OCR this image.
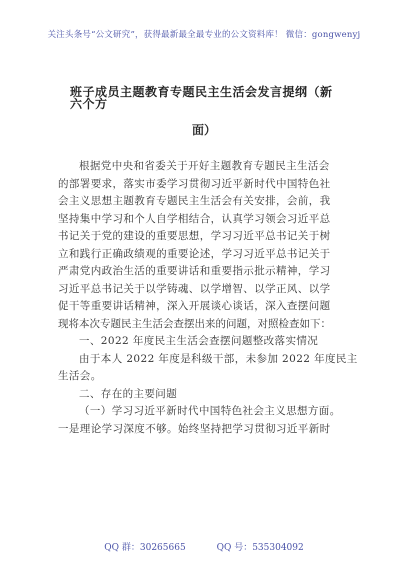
关注头条号“公文研究”，获得最新最全最专业的公文资料库！ 微信：gongwenyj
班子成员主题教育专题民主生活会发言提纲（新六个方
面）
根据党中央和省委关于开好主题教育专题民主生活会
的部署要求，落实市委学习贯彻习近平新时代中国特色社
会主义思想主题教育专题民主生活会有关安排，会前，我
坚持集中学习和个人自学相结合，认真学习领会习近平总
书记关于党的建设的重要思想，学习习近平总书记关于树
立和践行正确政绩观的重要论述，学习习近平总书记关于
严肃党内政治生活的重要讲话和重要指示批示精神，学习
习近平总书记关于以学铸魂、以学增智、以学正风、以学
促干等重要讲话精神，深入开展谈心谈话，深入查摆问题
现将本次专题民主生活会查摆出来的问题，对照检查如下：
一、2022 年度民主生活会查摆问题整改落实情况
由于本人 2022 年度是科级干部，未参加 2022 年度民主
生活会。
二、存在的主要问题
（一）学习习近平新时代中国特色社会主义思想方面。
一是理论学习深度不够。始终坚持把学习贯彻习近平新时
QQ 群：30265665	QQ 号：535304092
